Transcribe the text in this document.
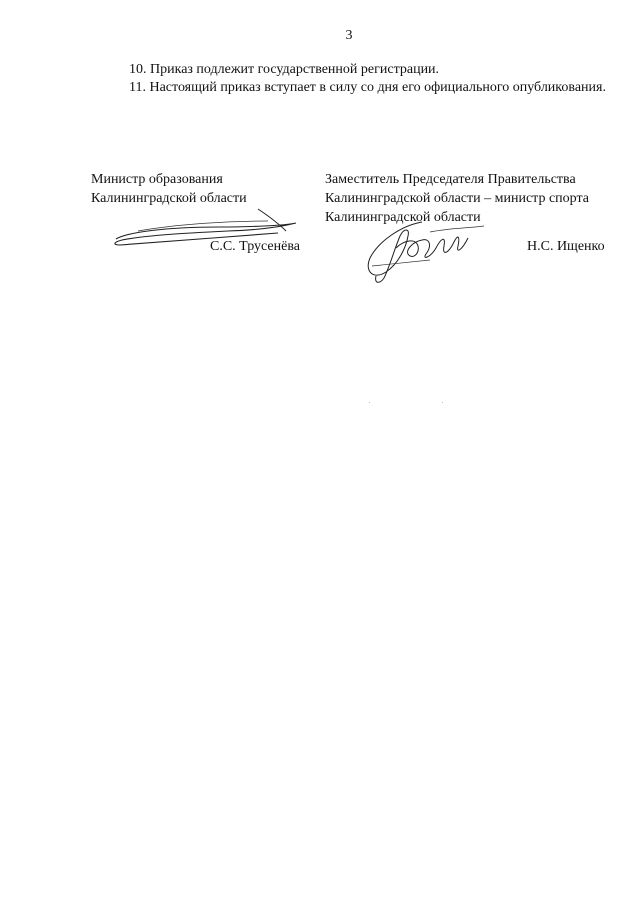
3

10. Приказ подлежит государственной регистрации.

11. Настоящий приказ вступает в силу со дня его официального опубликования.

Министр образования

Калининградской области

С.С. Трусенёва

Заместитель Председателя Правительства

Калининградской области – министр спорта

Калининградской области

Н.С. Ищенко
